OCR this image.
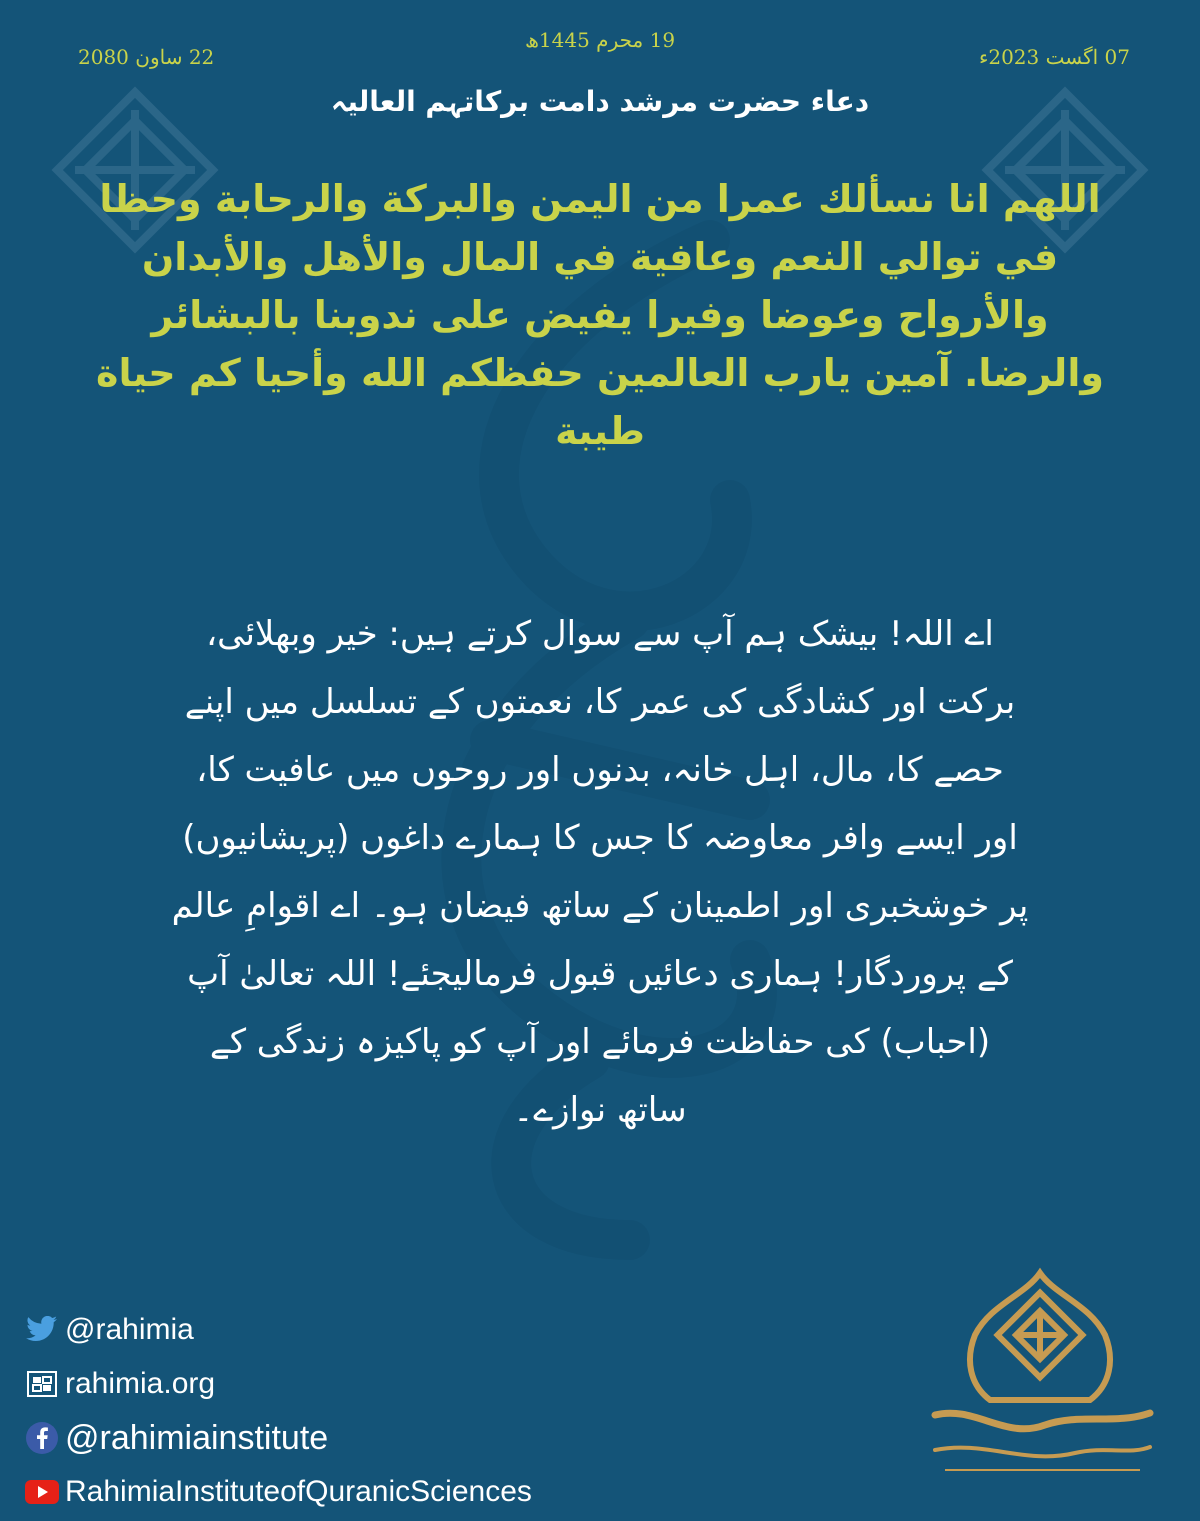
22 ساون 2080
19 محرم 1445ھ
07 اگست 2023ء
دعاء حضرت مرشد دامت برکاتہم العالیہ
اللهم انا نسألك عمرا من اليمن والبركة والرحابة وحظا في توالي النعم وعافية في المال والأهل والأبدان والأرواح وعوضا وفيرا يفيض على ندوبنا بالبشائر والرضا. آمين يارب العالمين حفظكم الله وأحيا كم حياة طيبة
اے اللہ! بیشک ہم آپ سے سوال کرتے ہیں: خیر وبھلائی، برکت اور کشادگی کی عمر کا، نعمتوں کے تسلسل میں اپنے حصے کا، مال، اہل خانہ، بدنوں اور روحوں میں عافیت کا، اور ایسے وافر معاوضہ کا جس کا ہمارے داغوں (پریشانیوں) پر خوشخبری اور اطمینان کے ساتھ فیضان ہو۔ اے اقوامِ عالم کے پروردگار! ہماری دعائیں قبول فرمالیجئے! اللہ تعالیٰ آپ (احباب) کی حفاظت فرمائے اور آپ کو پاکیزہ زندگی کے ساتھ نوازے۔
@rahimia
rahimia.org
@rahimiainstitute
RahimiaInstituteofQuranicSciences
